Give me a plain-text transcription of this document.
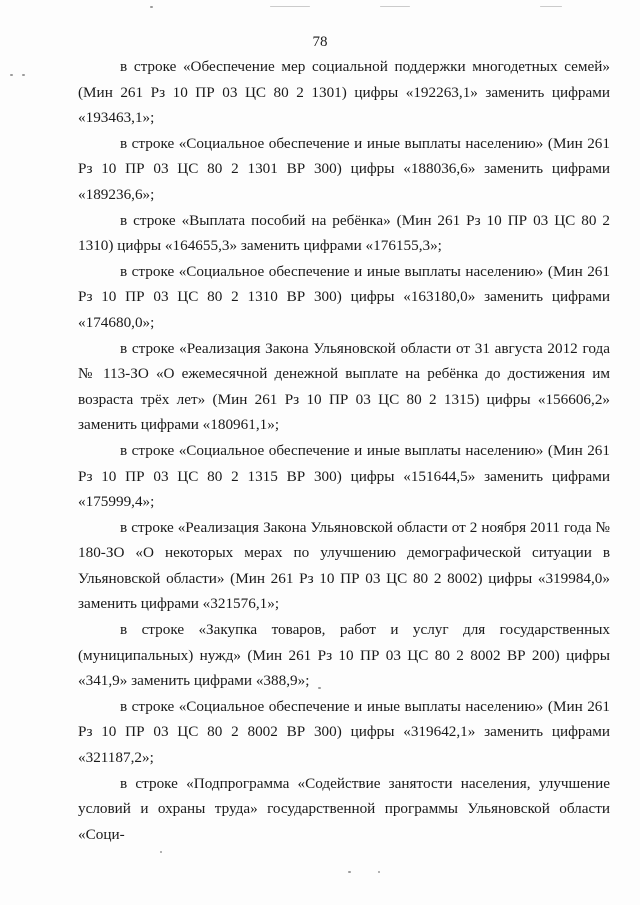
78

в строке «Обеспечение мер социальной поддержки многодетных семей» (Мин 261 Рз 10 ПР 03 ЦС 80 2 1301) цифры «192263,1» заменить цифрами «193463,1»;

в строке «Социальное обеспечение и иные выплаты населению» (Мин 261 Рз 10 ПР 03 ЦС 80 2 1301 ВР 300) цифры «188036,6» заменить цифрами «189236,6»;

в строке «Выплата пособий на ребёнка» (Мин 261 Рз 10 ПР 03 ЦС 80 2 1310) цифры «164655,3» заменить цифрами «176155,3»;

в строке «Социальное обеспечение и иные выплаты населению» (Мин 261 Рз 10 ПР 03 ЦС 80 2 1310 ВР 300) цифры «163180,0» заменить цифрами «174680,0»;

в строке «Реализация Закона Ульяновской области от 31 августа 2012 года № 113-ЗО «О ежемесячной денежной выплате на ребёнка до достижения им возраста трёх лет» (Мин 261 Рз 10 ПР 03 ЦС 80 2 1315) цифры «156606,2» заменить цифрами «180961,1»;

в строке «Социальное обеспечение и иные выплаты населению» (Мин 261 Рз 10 ПР 03 ЦС 80 2 1315 ВР 300) цифры «151644,5» заменить цифрами «175999,4»;

в строке «Реализация Закона Ульяновской области от 2 ноября 2011 года № 180-ЗО «О некоторых мерах по улучшению демографической ситуации в Ульяновской области» (Мин 261 Рз 10 ПР 03 ЦС 80 2 8002) цифры «319984,0» заменить цифрами «321576,1»;

в строке «Закупка товаров, работ и услуг для государственных (муниципальных) нужд» (Мин 261 Рз 10 ПР 03 ЦС 80 2 8002 ВР 200) цифры «341,9» заменить цифрами «388,9»;

в строке «Социальное обеспечение и иные выплаты населению» (Мин 261 Рз 10 ПР 03 ЦС 80 2 8002 ВР 300) цифры «319642,1» заменить цифрами «321187,2»;

в строке «Подпрограмма «Содействие занятости населения, улучшение условий и охраны труда» государственной программы Ульяновской области «Соци-
